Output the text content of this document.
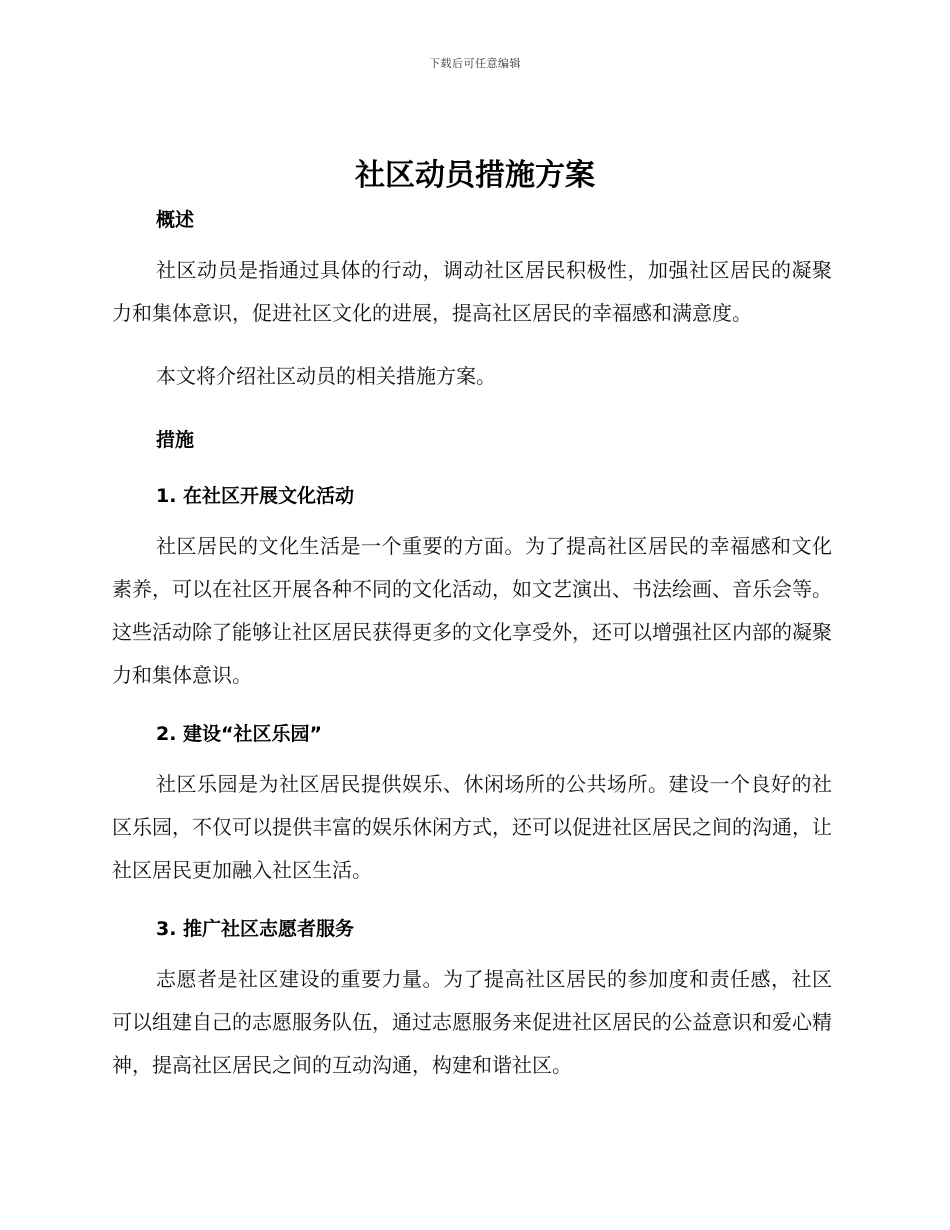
下载后可任意编辑
社区动员措施方案
概述

社区动员是指通过具体的行动，调动社区居民积极性，加强社区居民的凝聚力和集体意识，促进社区文化的进展，提高社区居民的幸福感和满意度。

本文将介绍社区动员的相关措施方案。

措施
1. 在社区开展文化活动

社区居民的文化生活是一个重要的方面。为了提高社区居民的幸福感和文化素养，可以在社区开展各种不同的文化活动，如文艺演出、书法绘画、音乐会等。这些活动除了能够让社区居民获得更多的文化享受外，还可以增强社区内部的凝聚力和集体意识。

2. 建设“社区乐园”

社区乐园是为社区居民提供娱乐、休闲场所的公共场所。建设一个良好的社区乐园，不仅可以提供丰富的娱乐休闲方式，还可以促进社区居民之间的沟通，让社区居民更加融入社区生活。

3. 推广社区志愿者服务

志愿者是社区建设的重要力量。为了提高社区居民的参加度和责任感，社区可以组建自己的志愿服务队伍，通过志愿服务来促进社区居民的公益意识和爱心精神，提高社区居民之间的互动沟通，构建和谐社区。
